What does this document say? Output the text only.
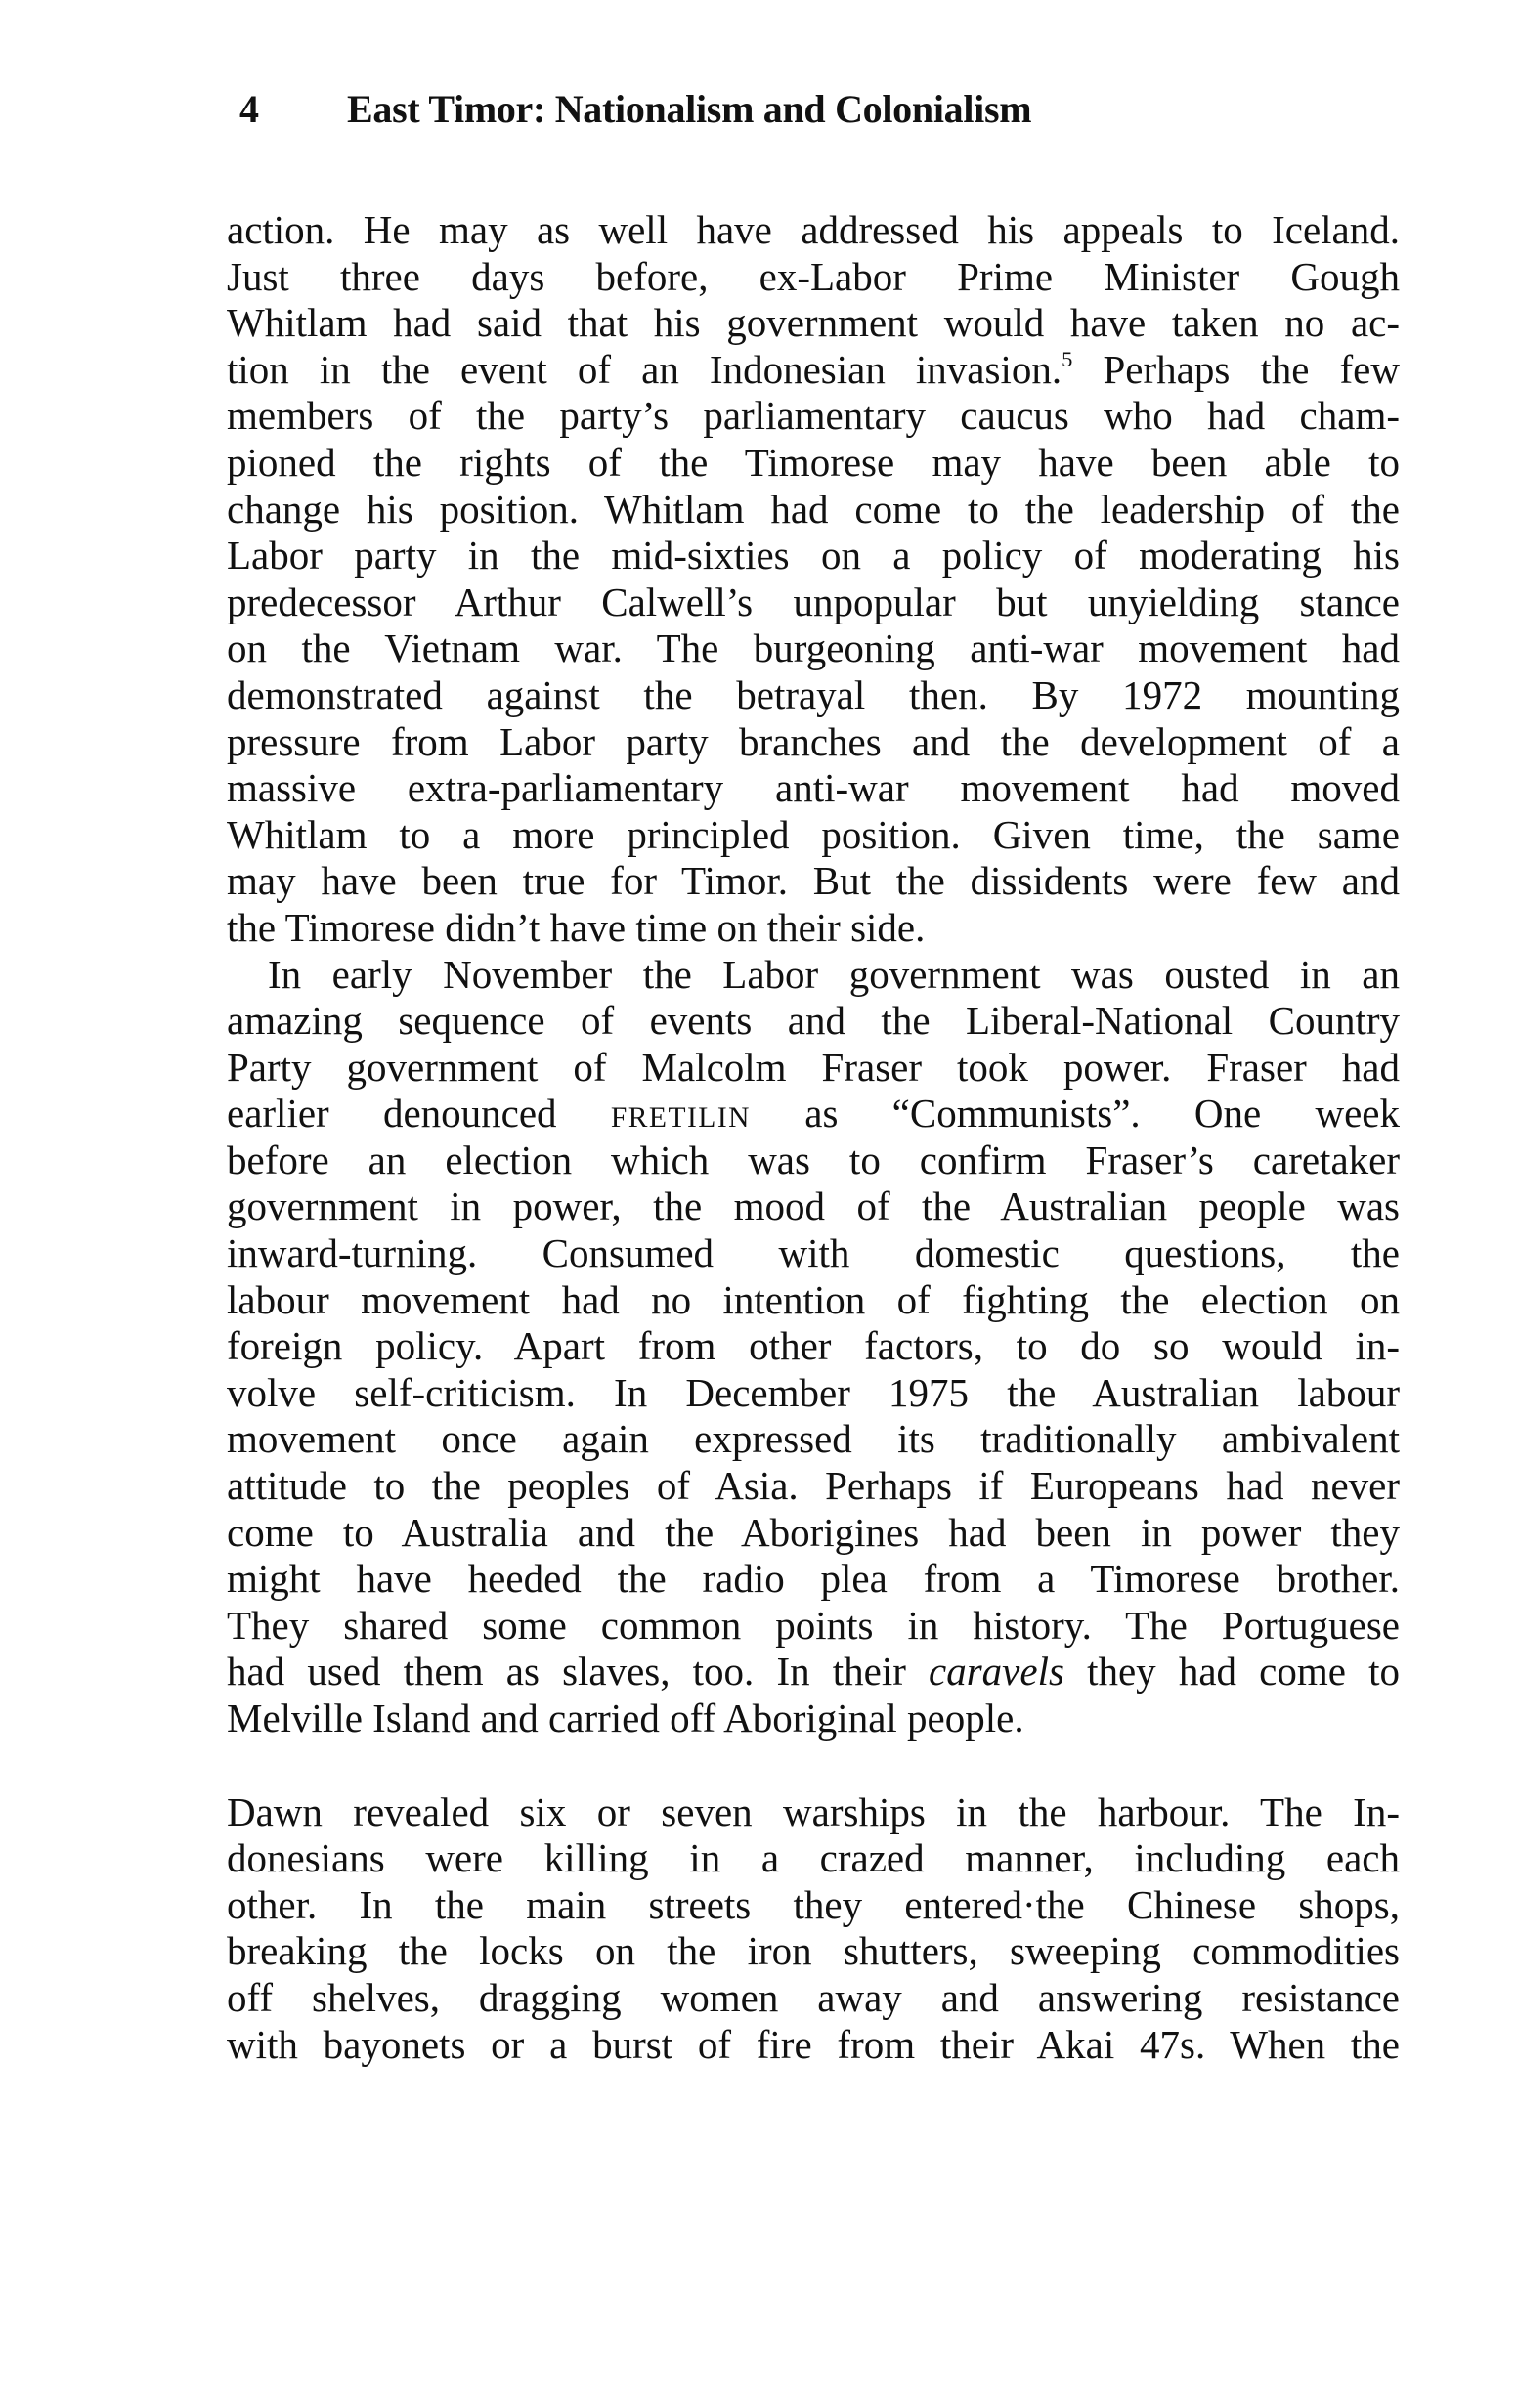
4 East Timor: Nationalism and Colonialism
action. He may as well have addressed his appeals to Iceland.
Just three days before, ex-Labor Prime Minister Gough
Whitlam had said that his government would have taken no ac-
tion in the event of an Indonesian invasion.$^5$ Perhaps the few
members of the party’s parliamentary caucus who had cham-
pioned the rights of the Timorese may have been able to
change his position. Whitlam had come to the leadership of the
Labor party in the mid-sixties on a policy of moderating his
predecessor Arthur Calwell’s unpopular but unyielding stance
on the Vietnam war. The burgeoning anti-war movement had
demonstrated against the betrayal then. By 1972 mounting
pressure from Labor party branches and the development of a
massive extra-parliamentary anti-war movement had moved
Whitlam to a more principled position. Given time, the same
may have been true for Timor. But the dissidents were few and
the Timorese didn’t have time on their side.
In early November the Labor government was ousted in an
amazing sequence of events and the Liberal-National Country
Party government of Malcolm Fraser took power. Fraser had
earlier denounced FRETILIN as “Communists”. One week
before an election which was to confirm Fraser’s caretaker
government in power, the mood of the Australian people was
inward-turning. Consumed with domestic questions, the
labour movement had no intention of fighting the election on
foreign policy. Apart from other factors, to do so would in-
volve self-criticism. In December 1975 the Australian labour
movement once again expressed its traditionally ambivalent
attitude to the peoples of Asia. Perhaps if Europeans had never
come to Australia and the Aborigines had been in power they
might have heeded the radio plea from a Timorese brother.
They shared some common points in history. The Portuguese
had used them as slaves, too. In their caravels they had come to
Melville Island and carried off Aboriginal people.
Dawn revealed six or seven warships in the harbour. The In-
donesians were killing in a crazed manner, including each
other. In the main streets they entered·the Chinese shops,
breaking the locks on the iron shutters, sweeping commodities
off shelves, dragging women away and answering resistance
with bayonets or a burst of fire from their Akai 47s. When the
